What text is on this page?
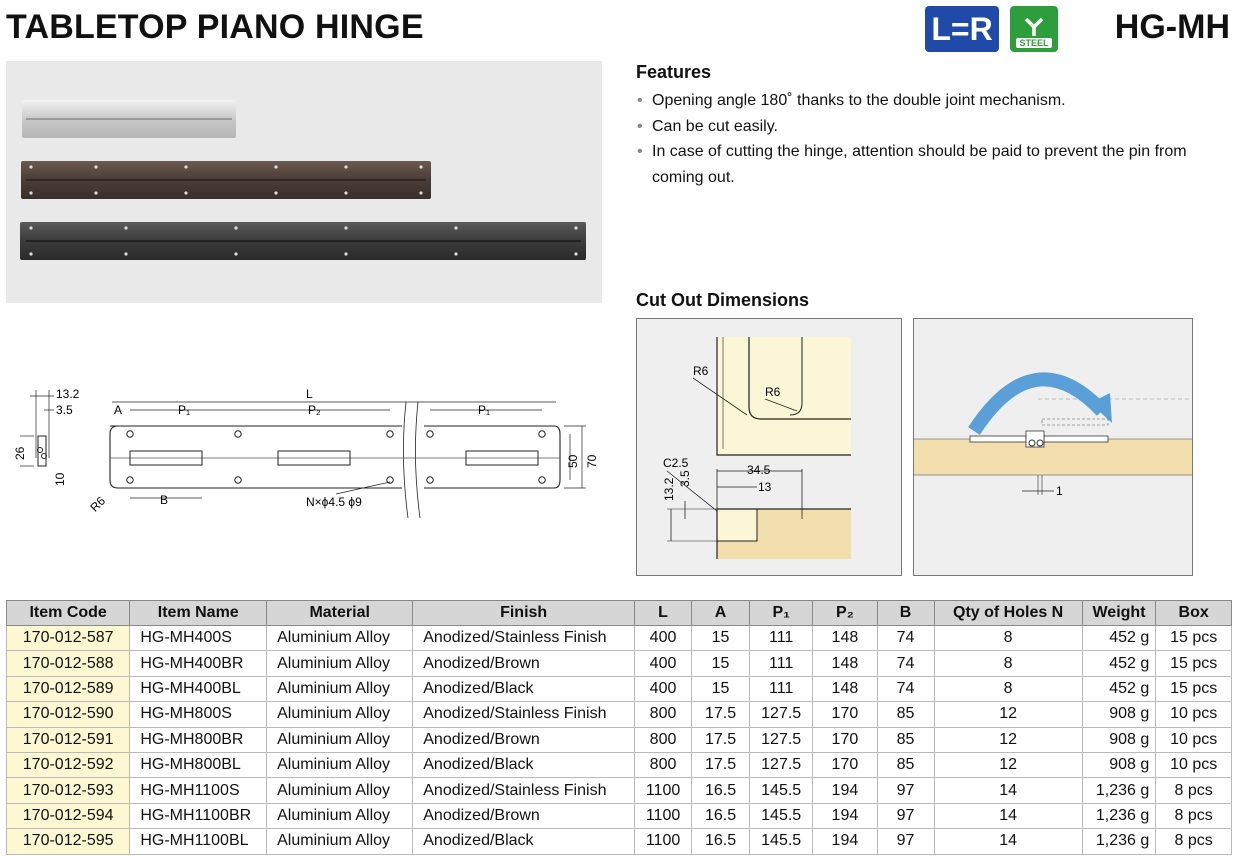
TABLETOP PIANO HINGE	L=R	STEEL HG-MH
Features
• Opening angle 180˚ thanks to the double joint mechanism.
• Can be cut easily.
• In case of cutting the hinge, attention should be paid to prevent the pin from coming out.
Cut Out Dimensions
R6
R6
34.5
13
C2.5
13.2 3.5
1
13.2
3.5
26
10
L
A	P₁	P₂	P₁
B
R6	N×ϕ4.5 ϕ9
50 70
Item Code	Item Name	Material	Finish	L	A	P₁	P₂	B	Qty of Holes N	Weight	Box
170-012-587	HG-MH400S	Aluminium Alloy	Anodized/Stainless Finish	400	15	111	148	74	8	452 g	15 pcs
170-012-588	HG-MH400BR	Aluminium Alloy	Anodized/Brown	400	15	111	148	74	8	452 g	15 pcs
170-012-589	HG-MH400BL	Aluminium Alloy	Anodized/Black	400	15	111	148	74	8	452 g	15 pcs
170-012-590	HG-MH800S	Aluminium Alloy	Anodized/Stainless Finish	800	17.5	127.5	170	85	12	908 g	10 pcs
170-012-591	HG-MH800BR	Aluminium Alloy	Anodized/Brown	800	17.5	127.5	170	85	12	908 g	10 pcs
170-012-592	HG-MH800BL	Aluminium Alloy	Anodized/Black	800	17.5	127.5	170	85	12	908 g	10 pcs
170-012-593	HG-MH1100S	Aluminium Alloy	Anodized/Stainless Finish	1100	16.5	145.5	194	97	14	1,236 g	8 pcs
170-012-594	HG-MH1100BR	Aluminium Alloy	Anodized/Brown	1100	16.5	145.5	194	97	14	1,236 g	8 pcs
170-012-595	HG-MH1100BL	Aluminium Alloy	Anodized/Black	1100	16.5	145.5	194	97	14	1,236 g	8 pcs
